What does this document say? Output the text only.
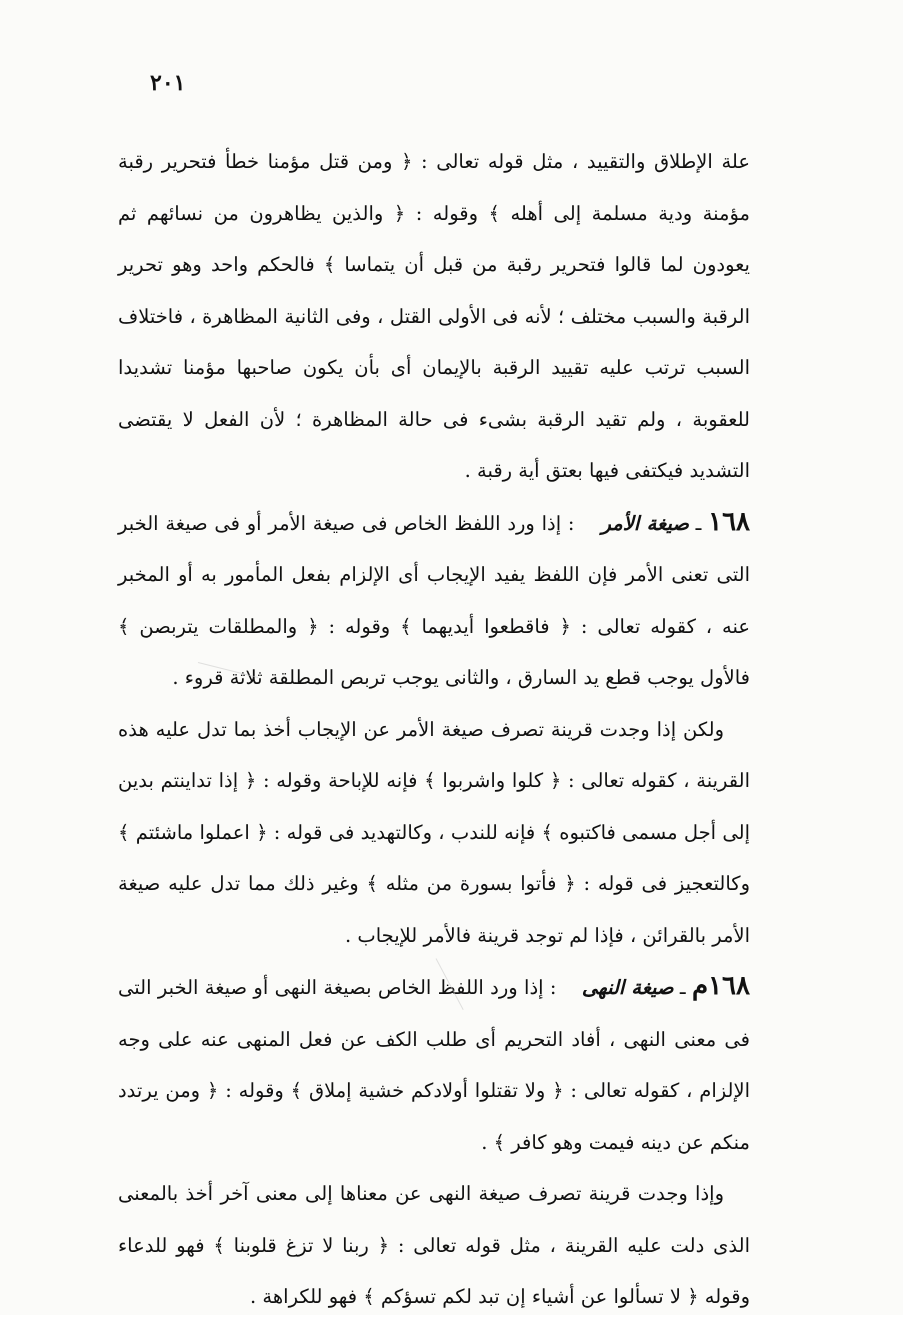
٢٠١

علة الإطلاق والتقييد ، مثل قوله تعالى : ﴿ ومن قتل مؤمنا خطأ فتحرير رقبة مؤمنة ودية مسلمة إلى أهله ﴾ وقوله : ﴿ والذين يظاهرون من نسائهم ثم يعودون لما قالوا فتحرير رقبة من قبل أن يتماسا ﴾ فالحكم واحد وهو تحرير الرقبة والسبب مختلف ؛ لأنه فى الأولى القتل ، وفى الثانية المظاهرة ، فاختلاف السبب ترتب عليه تقييد الرقبة بالإيمان أى بأن يكون صاحبها مؤمنا تشديدا للعقوبة ، ولم تقيد الرقبة بشىء فى حالة المظاهرة ؛ لأن الفعل لا يقتضى التشديد فيكتفى فيها بعتق أية رقبة .

١٦٨ ـ صيغة الأمر    : إذا ورد اللفظ الخاص فى صيغة الأمر أو فى صيغة الخبر التى تعنى الأمر فإن اللفظ يفيد الإيجاب أى الإلزام بفعل المأمور به أو المخبر عنه ، كقوله تعالى : ﴿ فاقطعوا أيديهما ﴾ وقوله : ﴿ والمطلقات يتربصن ﴾ فالأول يوجب قطع يد السارق ، والثانى يوجب تربص المطلقة ثلاثة قروء .

ولكن إذا وجدت قرينة تصرف صيغة الأمر عن الإيجاب أخذ بما تدل عليه هذه القرينة ، كقوله تعالى : ﴿ كلوا واشربوا ﴾ فإنه للإباحة وقوله : ﴿ إذا تداينتم بدين إلى أجل مسمى فاكتبوه ﴾ فإنه للندب ، وكالتهديد فى قوله : ﴿ اعملوا ماشئتم ﴾ وكالتعجيز فى قوله : ﴿ فأتوا بسورة من مثله ﴾ وغير ذلك مما تدل عليه صيغة الأمر بالقرائن ، فإذا لم توجد قرينة فالأمر للإيجاب .

١٦٨م ـ صيغة النهى    : إذا ورد اللفظ الخاص بصيغة النهى أو صيغة الخبر التى فى معنى النهى ، أفاد التحريم أى طلب الكف عن فعل المنهى عنه على وجه الإلزام ، كقوله تعالى : ﴿ ولا تقتلوا أولادكم خشية إملاق ﴾ وقوله : ﴿ ومن يرتدد منكم عن دينه فيمت وهو كافر ﴾ .

وإذا وجدت قرينة تصرف صيغة النهى عن معناها إلى معنى آخر أخذ بالمعنى الذى دلت عليه القرينة ، مثل قوله تعالى : ﴿ ربنا لا تزغ قلوبنا ﴾ فهو للدعاء وقوله ﴿ لا تسألوا عن أشياء إن تبد لكم تسؤكم ﴾ فهو للكراهة .
